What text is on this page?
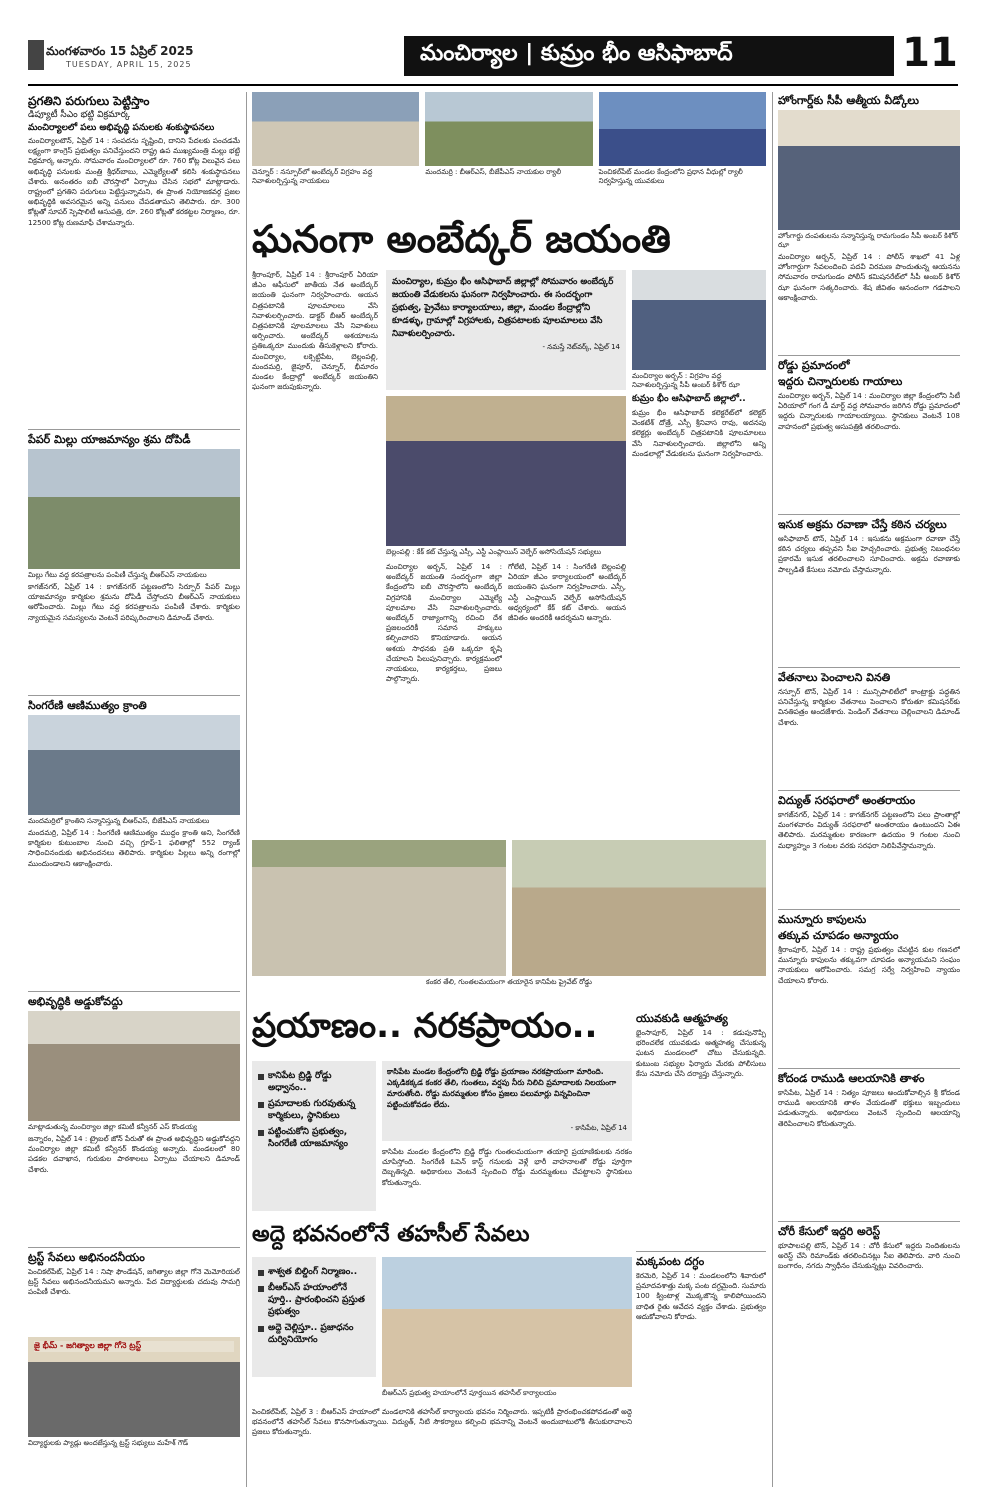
మంగళవారం 15 ఏప్రిల్ 2025
TUESDAY, APRIL 15, 2025	మంచిర్యాల | కుమ్రం భీం ఆసిఫాబాద్	11
ప్రగతిని పరుగులు పెట్టిస్తాం
డిప్యూటీ సీఎం భట్టి విక్రమార్క
మంచిర్యాలలో పలు అభివృద్ధి పనులకు శంకుస్థాపనలు
మంచిర్యాలటౌన్, ఏప్రిల్ 14 : సంపదను సృష్టించి, దానిని పేదలకు పంచడమే లక్ష్యంగా కాంగ్రెస్ ప్రభుత్వం పనిచేస్తుందని రాష్ట్ర ఉప ముఖ్యమంత్రి మల్లు భట్టి విక్రమార్క అన్నారు. సోమవారం మంచిర్యాలలో రూ. 760 కోట్ల విలువైన పలు అభివృద్ధి పనులకు మంత్రి శ్రీధర్‌బాబు, ఎమ్మెల్యేలతో కలిసి శంకుస్థాపనలు చేశారు. అనంతరం ఐబీ చౌరస్తాలో ఏర్పాటు చేసిన సభలో మాట్లాడారు. రాష్ట్రంలో ప్రగతిని పరుగులు పెట్టిస్తున్నామని, ఈ ప్రాంత నియోజకవర్గ ప్రజల అభివృద్ధికి అవసరమైన అన్ని పనులు చేపడతామని తెలిపారు. రూ. 300 కోట్లతో సూపర్ స్పెషాలిటీ ఆసుపత్రి, రూ. 260 కోట్లతో కరకట్టల నిర్మాణం, రూ. 12500 కోట్ల రుణమాఫీ చేశామన్నారు.
పేపర్ మిల్లు యాజమాన్యం శ్రమ దోపిడీ
మిల్లు గేటు వద్ద కరపత్రాలను పంపిణీ చేస్తున్న బీఆర్ఎస్ నాయకులు
కాగజ్‌నగర్, ఏప్రిల్ 14 : కాగజ్‌నగర్ పట్టణంలోని సిర్పూర్ పేపర్ మిల్లు యాజమాన్యం కార్మికుల శ్రమను దోపిడీ చేస్తోందని బీఆర్ఎస్ నాయకులు ఆరోపించారు. మిల్లు గేటు వద్ద కరపత్రాలను పంపిణీ చేశారు. కార్మికుల న్యాయమైన సమస్యలను వెంటనే పరిష్కరించాలని డిమాండ్ చేశారు.
సింగరేణి ఆణిముత్యం క్రాంతి
మందమర్రిలో క్రాంతిని సన్మానిస్తున్న బీఆర్ఎస్, బీజేపీఎస్ నాయకులు
మందమర్రి, ఏప్రిల్ 14 : సింగరేణి ఆణిముత్యం ముద్దం క్రాంతి అని, సింగరేణి కార్మికుల కుటుంబాల నుంచి వచ్చి గ్రూప్-1 ఫలితాల్లో 552 ర్యాంక్ సాధించినందుకు అభినందనలు తెలిపారు. కార్మికుల పిల్లలు అన్ని రంగాల్లో ముందుండాలని ఆకాంక్షించారు.
అభివృద్ధికి అడ్డుకోవద్దు
మాట్లాడుతున్న మంచిర్యాల జిల్లా కమిటీ కన్వీనర్ ఎస్ కొండయ్య
జన్నారం, ఏప్రిల్ 14 : ట్రైబల్ జోన్ పేరుతో ఈ ప్రాంత అభివృద్ధిని అడ్డుకోవద్దని మంచిర్యాల జిల్లా కమిటీ కన్వీనర్ కొండయ్య అన్నారు. మండలంలో 80 పడకల దవాఖాన, గురుకుల పాఠశాలలు ఏర్పాటు చేయాలని డిమాండ్ చేశారు.
ట్రస్ట్ సేవలు అభినందనీయం
పెంచికల్‌పేట్, ఏప్రిల్ 14 : నిషా ఫౌండేషన్, జగిత్యాల జిల్లా గోనె మెమోరియల్ ట్రస్ట్ సేవలు అభినందనీయమని అన్నారు. పేద విద్యార్థులకు చదువు సామగ్రి పంపిణీ చేశారు.
జై భీమ్ - జగిత్యాల జిల్లా గోనె ట్రస్ట్
విద్యార్థులకు ప్యాడ్లు అందజేస్తున్న ట్రస్ట్ సభ్యులు మహేశ్ గౌడ్
చెన్నూర్ : నస్పూర్‌లో అంబేద్కర్ విగ్రహం వద్ద నివాళులర్పిస్తున్న నాయకులు
మందమర్రి : బీఆర్ఎస్, బీజేపీఎస్ నాయకుల ర్యాలీ	పెంచికల్‌పేట్ మండల కేంద్రంలోని ప్రధాన వీధుల్లో ర్యాలీ నిర్వహిస్తున్న యువకులు
ఘనంగా అంబేద్కర్ జయంతి
శ్రీరాంపూర్, ఏప్రిల్ 14 : శ్రీరాంపూర్ ఏరియా జీఎం ఆఫీసులో జాతీయ నేత అంబేద్కర్ జయంతి ఘనంగా నిర్వహించారు. ఆయన చిత్రపటానికి పూలమాలలు వేసి నివాళులర్పించారు. డాక్టర్ బీఆర్ అంబేద్కర్ చిత్రపటానికి పూలమాలలు వేసి నివాళులు అర్పించారు. అంబేద్కర్ ఆశయాలను ప్రతిఒక్కరూ ముందుకు తీసుకెళ్లాలని కోరారు. మంచిర్యాల, లక్సెట్టిపేట, బెల్లంపల్లి, మందమర్రి, జైపూర్, చెన్నూర్, భీమారం మండల కేంద్రాల్లో అంబేద్కర్ జయంతిని ఘనంగా జరుపుకున్నారు.
మంచిర్యాల, కుమ్రం భీం ఆసిఫాబాద్ జిల్లాల్లో సోమవారం అంబేద్కర్ జయంతి వేడుకలను ఘనంగా నిర్వహించారు. ఈ సందర్భంగా ప్రభుత్వ, ప్రైవేటు కార్యాలయాలు, జిల్లా, మండల కేంద్రాల్లోని కూడళ్ళు, గ్రామాల్లో విగ్రహాలకు, చిత్రపటాలకు పూలమాలలు వేసి నివాళులర్పించారు.
- నమస్తే నెట్‌వర్క్, ఏప్రిల్ 14
మంచిర్యాల అర్బన్ : విగ్రహం వద్ద నివాళులర్పిస్తున్న సీపీ అంబర్ కిశోర్ ఝా
కుమ్రం భీం ఆసిఫాబాద్ జిల్లాలో..
కుమ్రం భీం ఆసిఫాబాద్ కలెక్టరేట్‌లో కలెక్టర్ వెంకటేశ్ దోత్రే, ఎస్పీ శ్రీనివాస రావు, అదనపు కలెక్టర్లు అంబేద్కర్ చిత్రపటానికి పూలమాలలు వేసి నివాళులర్పించారు. జిల్లాలోని అన్ని మండలాల్లో వేడుకలను ఘనంగా నిర్వహించారు.
బెల్లంపల్లి : కేక్ కట్ చేస్తున్న ఎస్సీ, ఎస్టీ ఎంప్లాయిస్ వెల్ఫేర్ అసోసియేషన్ సభ్యులు
మంచిర్యాల అర్బన్, ఏప్రిల్ 14 : అంబేద్కర్ జయంతి సందర్భంగా జిల్లా కేంద్రంలోని ఐబీ చౌరస్తాలోని అంబేద్కర్ విగ్రహానికి మంచిర్యాల ఎమ్మెల్యే పూలమాల వేసి నివాళులర్పించారు. అంబేద్కర్ రాజ్యాంగాన్ని రచించి దేశ ప్రజలందరికీ సమాన హక్కులు కల్పించారని కొనియాడారు. ఆయన ఆశయ సాధనకు ప్రతి ఒక్కరూ కృషి చేయాలని పిలుపునిచ్చారు. కార్యక్రమంలో నాయకులు, కార్యకర్తలు, ప్రజలు పాల్గొన్నారు.
గోలేటి, ఏప్రిల్ 14 : సింగరేణి బెల్లంపల్లి ఏరియా జీఎం కార్యాలయంలో అంబేద్కర్ జయంతిని ఘనంగా నిర్వహించారు. ఎస్సీ, ఎస్టీ ఎంప్లాయిస్ వెల్ఫేర్ అసోసియేషన్ ఆధ్వర్యంలో కేక్ కట్ చేశారు. ఆయన జీవితం అందరికీ ఆదర్శమని అన్నారు.
కంకర తేలి, గుంతలమయంగా తయారైన కానిపేట ప్రైవేట్ రోడ్డు
ప్రయాణం.. నరకప్రాయం..
కానిపేట బ్రిడ్జి రోడ్డు అధ్వానం..
ప్రమాదాలకు గురవుతున్న కార్మికులు, స్థానికులు
పట్టించుకోని ప్రభుత్వం, సింగరేణి యాజమాన్యం
కాసిపేట మండల కేంద్రంలోని బ్రిడ్జి రోడ్డు ప్రయాణం నరకప్రాయంగా మారింది. ఎక్కడికక్కడ కంకర తేలి, గుంతలు, వర్షపు నీరు నిలిచి ప్రమాదాలకు నిలయంగా మారుతోంది. రోడ్డు మరమ్మతుల కోసం ప్రజలు పలుమార్లు విన్నవించినా పట్టించుకోవడం లేదు.
- కాసిపేట, ఏప్రిల్ 14
కాసిపేట మండల కేంద్రంలోని బ్రిడ్జి రోడ్డు గుంతలమయంగా తయారై ప్రయాణికులకు నరకం చూపిస్తోంది. సింగరేణి ఓపెన్ కాస్ట్ గనులకు వెళ్లే భారీ వాహనాలతో రోడ్డు పూర్తిగా దెబ్బతిన్నది. అధికారులు వెంటనే స్పందించి రోడ్డు మరమ్మతులు చేపట్టాలని స్థానికులు కోరుతున్నారు.
అద్దె భవనంలోనే తహసీల్ సేవలు
శాశ్వత బిల్డింగ్ నిర్మాణం..
బీఆర్ఎస్ హయాంలోనే పూర్తి.. ప్రారంభించని ప్రస్తుత ప్రభుత్వం
అద్దె చెల్లిస్తూ.. ప్రజాధనం దుర్వినియోగం
బీఆర్ఎస్ ప్రభుత్వ హయాంలోనే పూర్తయిన తహసీల్ కార్యాలయం
పెంచికల్‌పేట్, ఏప్రిల్ 3 : బీఆర్ఎస్ హయాంలో మండలానికి తహసీల్ కార్యాలయ భవనం నిర్మించారు. ఇప్పటికీ ప్రారంభించకపోవడంతో అద్దె భవనంలోనే తహసీల్ సేవలు కొనసాగుతున్నాయి. విద్యుత్, నీటి సౌకర్యాలు కల్పించి భవనాన్ని వెంటనే అందుబాటులోకి తీసుకురావాలని ప్రజలు కోరుతున్నారు.
యువకుడి ఆత్మహత్య
భైంసాపూర్, ఏప్రిల్ 14 : కడుపునొప్పి భరించలేక యువకుడు ఆత్మహత్య చేసుకున్న ఘటన మండలంలో చోటు చేసుకున్నది. కుటుంబ సభ్యుల ఫిర్యాదు మేరకు పోలీసులు కేసు నమోదు చేసి దర్యాప్తు చేస్తున్నారు.
మక్కపంట దగ్ధం
కెరమెరి, ఏప్రిల్ 14 : మండలంలోని శివారులో ప్రమాదవశాత్తు మక్క పంట దగ్ధమైంది. సుమారు 100 క్వింటాళ్ల మొక్కజొన్న కాలిపోయిందని బాధిత రైతు ఆవేదన వ్యక్తం చేశాడు. ప్రభుత్వం ఆదుకోవాలని కోరాడు.
హోంగార్డ్‌కు సీపీ ఆత్మీయ వీడ్కోలు
హోంగార్డు దంపతులను సన్మానిస్తున్న రామగుండం సీపీ అంబర్ కిశోర్ ఝా
మంచిర్యాల అర్బన్, ఏప్రిల్ 14 : పోలీస్ శాఖలో 41 ఏళ్ల హోంగార్డుగా సేవలందించి పదవీ విరమణ పొందుతున్న ఆయనను సోమవారం రామగుండం పోలీస్ కమిషనరేట్‌లో సీపీ అంబర్ కిశోర్ ఝా ఘనంగా సత్కరించారు. శేష జీవితం ఆనందంగా గడపాలని ఆకాంక్షించారు.
రోడ్డు ప్రమాదంలో
ఇద్దరు చిన్నారులకు గాయాలు
మంచిర్యాల అర్బన్, ఏప్రిల్ 14 : మంచిర్యాల జిల్లా కేంద్రంలోని సిటీ ఏరియాలో గంగ డీ మార్ట్ వద్ద సోమవారం జరిగిన రోడ్డు ప్రమాదంలో ఇద్దరు చిన్నారులకు గాయాలయ్యాయి. స్థానికులు వెంటనే 108 వాహనంలో ప్రభుత్వ ఆసుపత్రికి తరలించారు.
ఇసుక అక్రమ రవాణా చేస్తే కఠిన చర్యలు
ఆసిఫాబాద్ టౌన్, ఏప్రిల్ 14 : ఇసుకను అక్రమంగా రవాణా చేస్తే కఠిన చర్యలు తప్పవని సీఐ హెచ్చరించారు. ప్రభుత్వ నిబంధనల ప్రకారమే ఇసుక తరలించాలని సూచించారు. అక్రమ రవాణాకు పాల్పడితే కేసులు నమోదు చేస్తామన్నారు.
వేతనాలు పెంచాలని వినతి
నస్పూర్ టౌన్, ఏప్రిల్ 14 : మున్సిపాలిటీలో కాంట్రాక్టు పద్ధతిన పనిచేస్తున్న కార్మికుల వేతనాలు పెంచాలని కోరుతూ కమిషనర్‌కు వినతిపత్రం అందజేశారు. పెండింగ్ వేతనాలు చెల్లించాలని డిమాండ్ చేశారు.
విద్యుత్ సరఫరాలో అంతరాయం
కాగజ్‌నగర్, ఏప్రిల్ 14 : కాగజ్‌నగర్ పట్టణంలోని పలు ప్రాంతాల్లో మంగళవారం విద్యుత్ సరఫరాలో అంతరాయం ఉంటుందని ఏఈ తెలిపారు. మరమ్మతుల కారణంగా ఉదయం 9 గంటల నుంచి మధ్యాహ్నం 3 గంటల వరకు సరఫరా నిలిపివేస్తామన్నారు.
మున్నూరు కాపులను
తక్కువ చూపడం అన్యాయం
శ్రీరాంపూర్, ఏప్రిల్ 14 : రాష్ట్ర ప్రభుత్వం చేపట్టిన కుల గణనలో మున్నూరు కాపులను తక్కువగా చూపడం అన్యాయమని సంఘం నాయకులు ఆరోపించారు. సమగ్ర సర్వే నిర్వహించి న్యాయం చేయాలని కోరారు.
కోదండ రాముడి ఆలయానికి తాళం
కాసిపేట, ఏప్రిల్ 14 : నిత్యం పూజలు అందుకోవాల్సిన శ్రీ కోదండ రాముడి ఆలయానికి తాళం వేయడంతో భక్తులు ఇబ్బందులు పడుతున్నారు. అధికారులు వెంటనే స్పందించి ఆలయాన్ని తెరిపించాలని కోరుతున్నారు.
చోరీ కేసులో ఇద్దరి అరెస్ట్
భూపాలపల్లి టౌన్, ఏప్రిల్ 14 : చోరీ కేసులో ఇద్దరు నిందితులను అరెస్ట్ చేసి రిమాండ్‌కు తరలించినట్లు సీఐ తెలిపారు. వారి నుంచి బంగారం, నగదు స్వాధీనం చేసుకున్నట్లు వివరించారు.
